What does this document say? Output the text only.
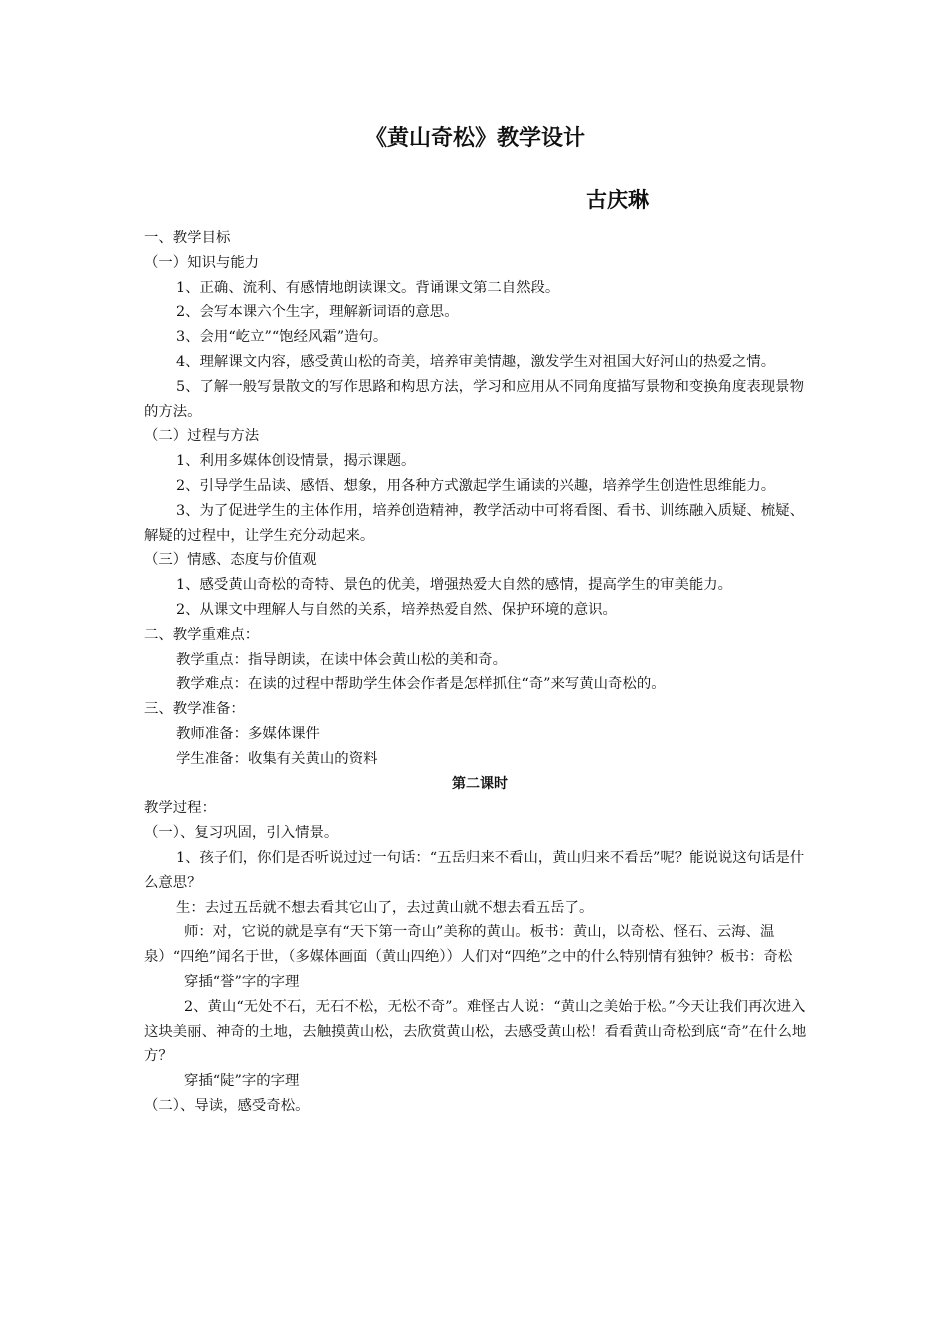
《黄山奇松》教学设计
古庆琳

一、教学目标

（一）知识与能力

1、正确、流利、有感情地朗读课文。背诵课文第二自然段。

2、会写本课六个生字，理解新词语的意思。

3、会用“屹立”“饱经风霜”造句。

4、理解课文内容，感受黄山松的奇美，培养审美情趣，激发学生对祖国大好河山的热爱之情。

5、了解一般写景散文的写作思路和构思方法，学习和应用从不同角度描写景物和变换角度表现景物的方法。

（二）过程与方法

1、利用多媒体创设情景，揭示课题。

2、引导学生品读、感悟、想象，用各种方式激起学生诵读的兴趣，培养学生创造性思维能力。

3、为了促进学生的主体作用，培养创造精神，教学活动中可将看图、看书、训练融入质疑、梳疑、解疑的过程中，让学生充分动起来。

（三）情感、态度与价值观

1、感受黄山奇松的奇特、景色的优美，增强热爱大自然的感情，提高学生的审美能力。

2、从课文中理解人与自然的关系，培养热爱自然、保护环境的意识。

二、教学重难点：

教学重点：指导朗读，在读中体会黄山松的美和奇。

教学难点：在读的过程中帮助学生体会作者是怎样抓住“奇”来写黄山奇松的。

三、教学准备：

教师准备：多媒体课件

学生准备：收集有关黄山的资料

第二课时

教学过程：

（一）、复习巩固，引入情景。

1、孩子们，你们是否听说过过一句话：“五岳归来不看山，黄山归来不看岳”呢？能说说这句话是什么意思？

生：去过五岳就不想去看其它山了，去过黄山就不想去看五岳了。

师：对，它说的就是享有“天下第一奇山”美称的黄山。板书：黄山，以奇松、怪石、云海、温泉）“四绝”闻名于世，（多媒体画面（黄山四绝））人们对“四绝”之中的什么特别情有独钟？板书：奇松

穿插“誉”字的字理

2、黄山“无处不石，无石不松，无松不奇”。难怪古人说：“黄山之美始于松。”今天让我们再次进入这块美丽、神奇的土地，去触摸黄山松，去欣赏黄山松，去感受黄山松！看看黄山奇松到底“奇”在什么地方？

穿插“陡”字的字理

（二）、导读，感受奇松。
